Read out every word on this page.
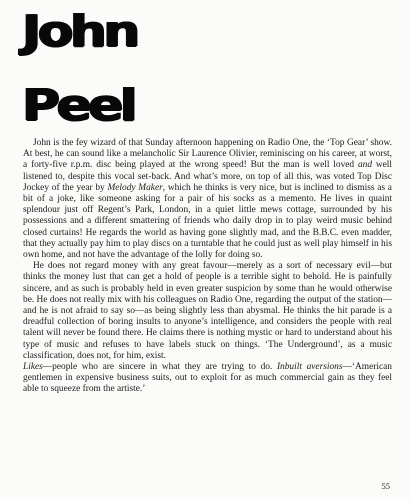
John
Peel

John is the fey wizard of that Sunday afternoon happening on Radio One, the ‘Top Gear’ show. At best, he can sound like a melancholic Sir Laurence Olivier, reminiscing on his career, at worst, a forty-five r.p.m. disc being played at the wrong speed! But the man is well loved and well listened to, despite this vocal set-back. And what’s more, on top of all this, was voted Top Disc Jockey of the year by Melody Maker, which he thinks is very nice, but is inclined to dismiss as a bit of a joke, like someone asking for a pair of his socks as a memento. He lives in quaint splendour just off Regent’s Park, London, in a quiet little mews cottage, surrounded by his possessions and a different smattering of friends who daily drop in to play weird music behind closed curtains! He regards the world as having gone slightly mad, and the B.B.C. even madder, that they actually pay him to play discs on a turntable that he could just as well play himself in his own home, and not have the advantage of the lolly for doing so.

He does not regard money with any great favour—merely as a sort of necessary evil—but thinks the money lust that can get a hold of people is a terrible sight to behold. He is painfully sincere, and as such is probably held in even greater suspicion by some than he would otherwise be. He does not really mix with his colleagues on Radio One, regarding the output of the station—and he is not afraid to say so—as being slightly less than abysmal. He thinks the hit parade is a dreadful collection of boring insults to anyone’s intelligence, and considers the people with real talent will never be found there. He claims there is nothing mystic or hard to understand about his type of music and refuses to have labels stuck on things. ‘The Underground’, as a music classification, does not, for him, exist.

Likes—people who are sincere in what they are trying to do. Inbuilt aversions—‘American gentlemen in expensive business suits, out to exploit for as much commercial gain as they feel able to squeeze from the artiste.’

55
